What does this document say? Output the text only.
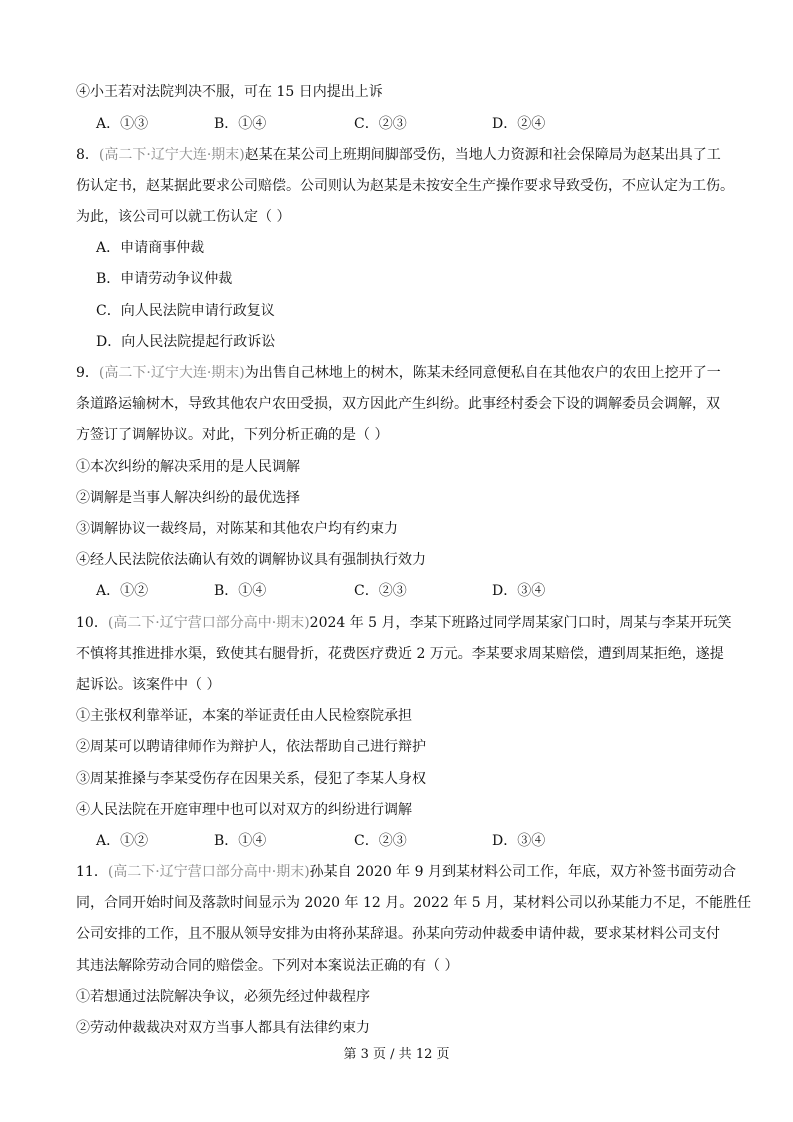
④小王若对法院判决不服，可在 15 日内提出上诉
A．①③	B．①④	C．②③	D．②④
8．(高二下·辽宁大连·期末)赵某在某公司上班期间脚部受伤，当地人力资源和社会保障局为赵某出具了工
伤认定书，赵某据此要求公司赔偿。公司则认为赵某是未按安全生产操作要求导致受伤，不应认定为工伤。
为此，该公司可以就工伤认定（ ）
A．申请商事仲裁
B．申请劳动争议仲裁
C．向人民法院申请行政复议
D．向人民法院提起行政诉讼
9．(高二下·辽宁大连·期末)为出售自己林地上的树木，陈某未经同意便私自在其他农户的农田上挖开了一
条道路运输树木，导致其他农户农田受损，双方因此产生纠纷。此事经村委会下设的调解委员会调解，双
方签订了调解协议。对此，下列分析正确的是（ ）
①本次纠纷的解决采用的是人民调解
②调解是当事人解决纠纷的最优选择
③调解协议一裁终局，对陈某和其他农户均有约束力
④经人民法院依法确认有效的调解协议具有强制执行效力
A．①②	B．①④	C．②③	D．③④
10．(高二下·辽宁营口部分高中·期末)2024 年 5 月，李某下班路过同学周某家门口时，周某与李某开玩笑
不慎将其推进排水渠，致使其右腿骨折，花费医疗费近 2 万元。李某要求周某赔偿，遭到周某拒绝，遂提
起诉讼。该案件中（ ）
①主张权利靠举证，本案的举证责任由人民检察院承担
②周某可以聘请律师作为辩护人，依法帮助自己进行辩护
③周某推搡与李某受伤存在因果关系，侵犯了李某人身权
④人民法院在开庭审理中也可以对双方的纠纷进行调解
A．①②	B．①④	C．②③	D．③④
11．(高二下·辽宁营口部分高中·期末)孙某自 2020 年 9 月到某材料公司工作，年底，双方补签书面劳动合
同，合同开始时间及落款时间显示为 2020 年 12 月。2022 年 5 月，某材料公司以孙某能力不足，不能胜任
公司安排的工作，且不服从领导安排为由将孙某辞退。孙某向劳动仲裁委申请仲裁，要求某材料公司支付
其违法解除劳动合同的赔偿金。下列对本案说法正确的有（ ）
①若想通过法院解决争议，必须先经过仲裁程序
②劳动仲裁裁决对双方当事人都具有法律约束力
第 3 页 / 共 12 页
